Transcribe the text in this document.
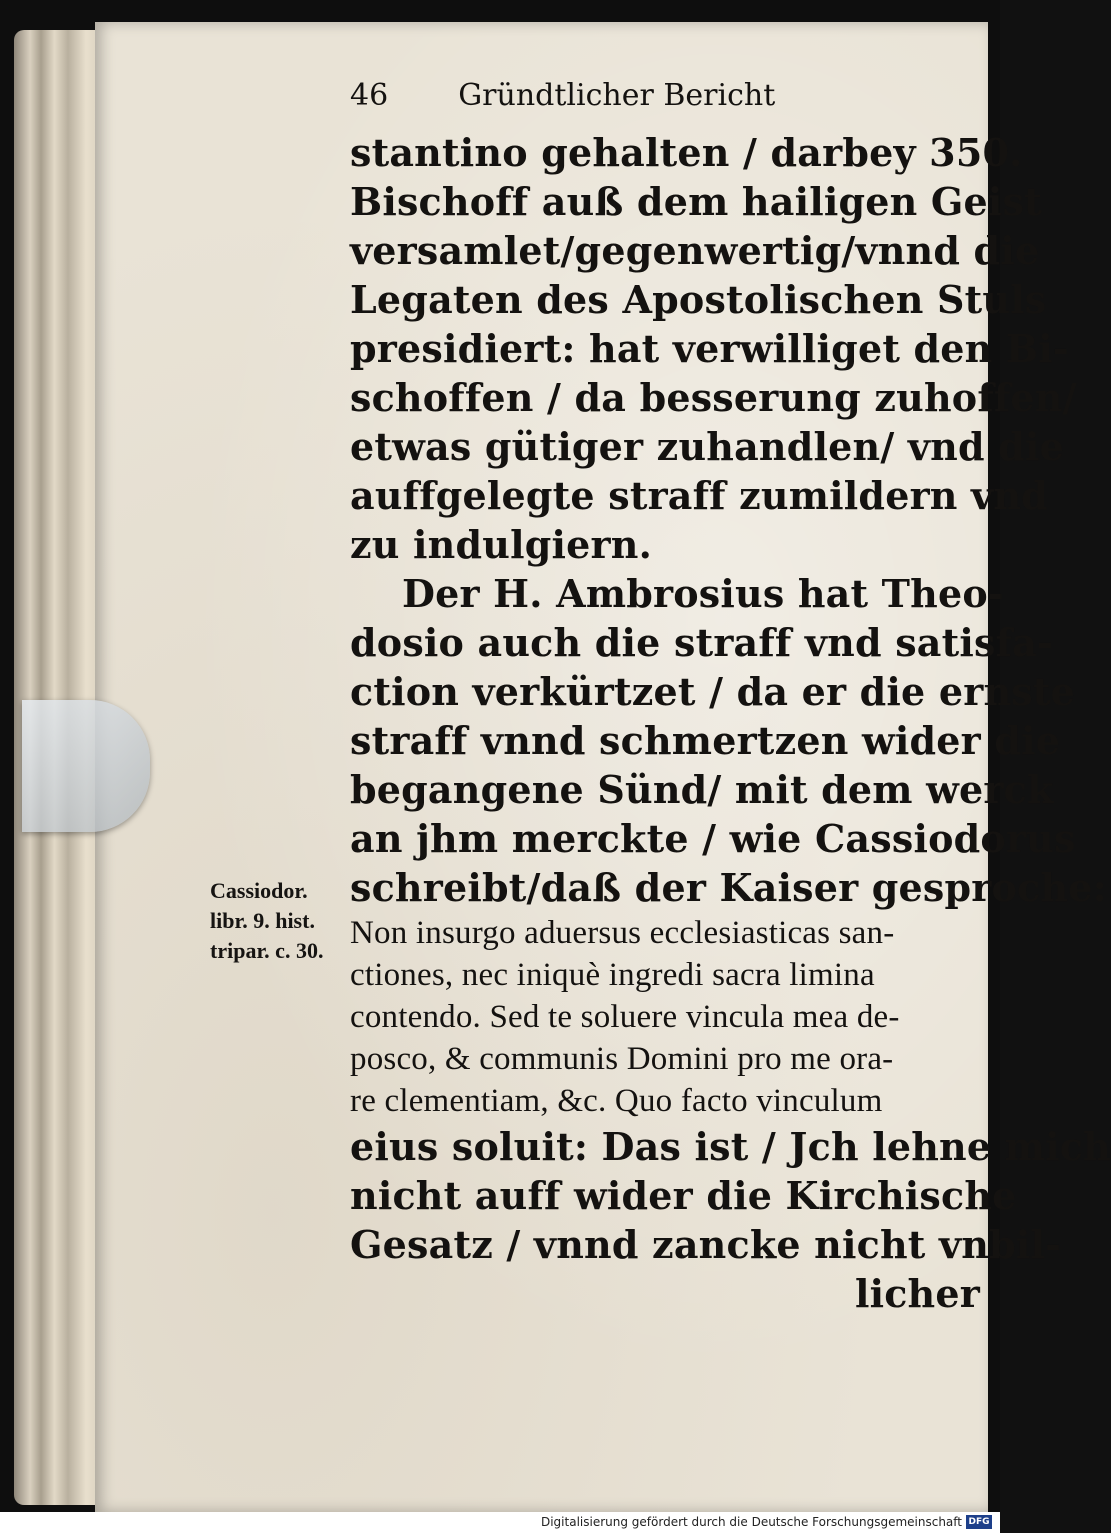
46 Gründtlicher Bericht
stantino gehalten / darbey 350.
Bischoff auß dem hailigen Geist
versamlet/gegenwertig/vnnd die
Legaten des Apostolischen Stuls
presidiert: hat verwilliget den Bi-
schoffen / da besserung zuhoffen/
etwas gütiger zuhandlen/ vnd die
auffgelegte straff zumildern vnd
zu indulgiern.
Der H. Ambrosius hat Theo-
dosio auch die straff vnd satisfa-
ction verkürtzet / da er die ernste
straff vnnd schmertzen wider die
begangene Sünd/ mit dem werck
an jhm merckte / wie Cassiodorus
schreibt/daß der Kaiser gesproche:
Non insurgo aduersus ecclesiasticas san-
ctiones, nec iniquè ingredi sacra limina
contendo. Sed te soluere vincula mea de-
posco, & communis Domini pro me ora-
re clementiam, &c. Quo facto vinculum
eius soluit: Das ist / Jch lehne mich
nicht auff wider die Kirchische
Gesatz / vnnd zancke nicht vnbil-
licher
Cassiodor.
libr. 9. hist.
tripar. c. 30.
Digitalisierung gefördert durch die Deutsche Forschungsgemeinschaft DFG
